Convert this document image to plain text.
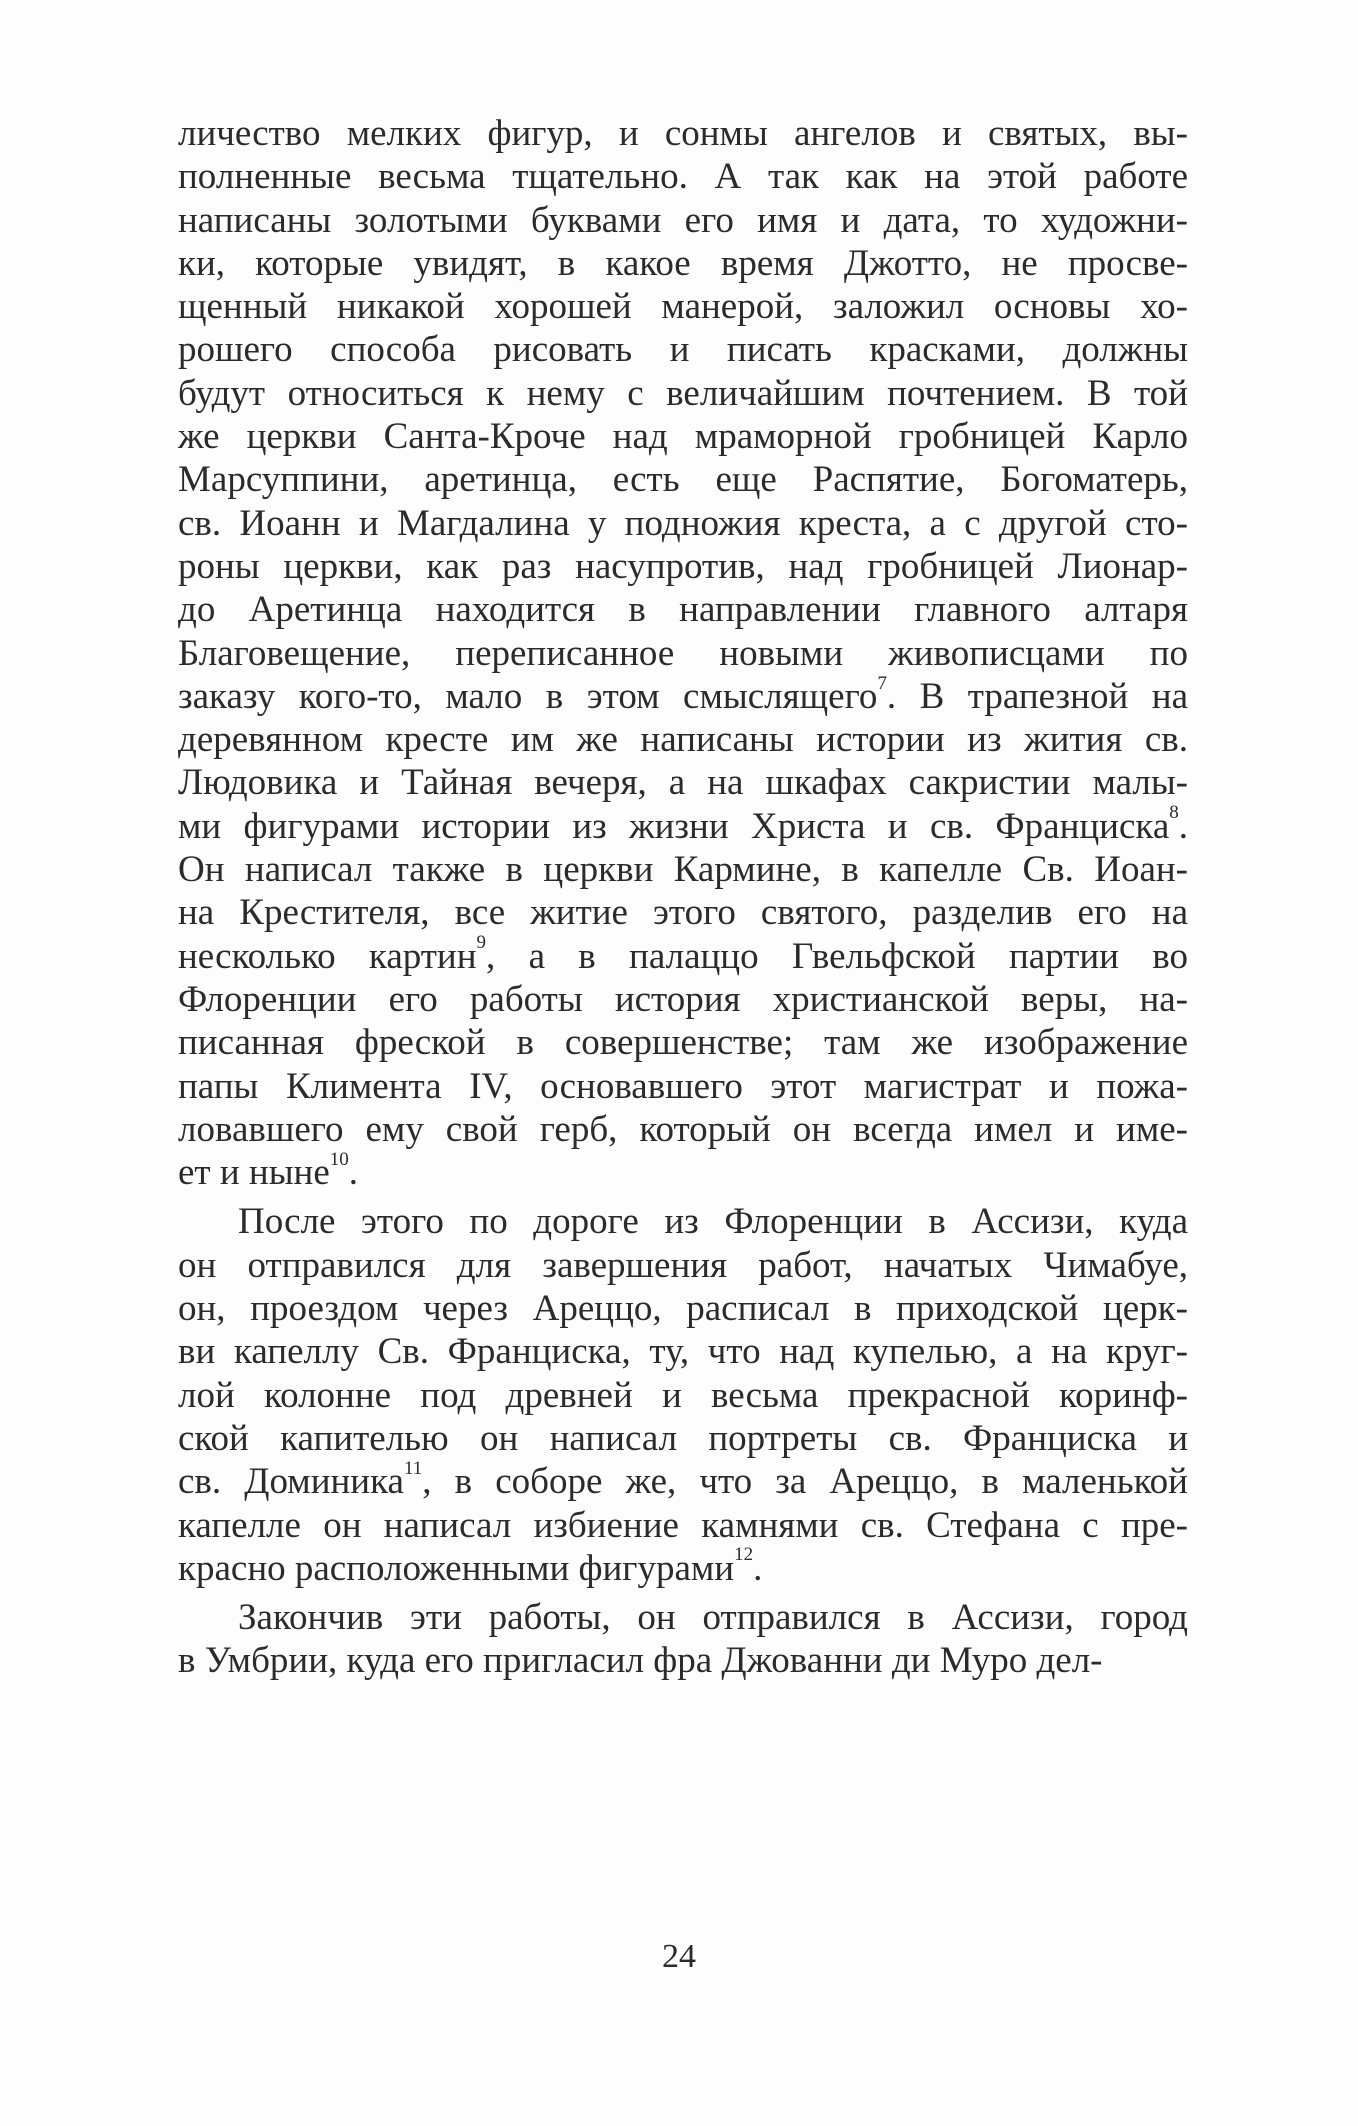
личество мелких фигур, и сонмы ангелов и святых, вы-
полненные весьма тщательно. А так как на этой работе
написаны золотыми буквами его имя и дата, то художни-
ки, которые увидят, в какое время Джотто, не просве-
щенный никакой хорошей манерой, заложил основы хо-
рошего способа рисовать и писать красками, должны
будут относиться к нему с величайшим почтением. В той
же церкви Санта-Кроче над мраморной гробницей Карло
Марсуппини, аретинца, есть еще Распятие, Богоматерь,
св. Иоанн и Магдалина у подножия креста, а с другой сто-
роны церкви, как раз насупротив, над гробницей Лионар-
до Аретинца находится в направлении главного алтаря
Благовещение, переписанное новыми живописцами по
заказу кого-то, мало в этом смыслящего$^7$. В трапезной на
деревянном кресте им же написаны истории из жития св.
Людовика и Тайная вечеря, а на шкафах сакристии малы-
ми фигурами истории из жизни Христа и св. Франциска$^8$.
Он написал также в церкви Кармине, в капелле Св. Иоан-
на Крестителя, все житие этого святого, разделив его на
несколько картин$^9$, а в палаццо Гвельфской партии во
Флоренции его работы история христианской веры, на-
писанная фреской в совершенстве; там же изображение
папы Климента IV, основавшего этот магистрат и пожа-
ловавшего ему свой герб, который он всегда имел и име-
ет и ныне$^{10}$.
После этого по дороге из Флоренции в Ассизи, куда
он отправился для завершения работ, начатых Чимабуе,
он, проездом через Ареццо, расписал в приходской церк-
ви капеллу Св. Франциска, ту, что над купелью, а на круг-
лой колонне под древней и весьма прекрасной коринф-
ской капителью он написал портреты св. Франциска и
св. Доминика$^{11}$, в соборе же, что за Ареццо, в маленькой
капелле он написал избиение камнями св. Стефана с пре-
красно расположенными фигурами$^{12}$.
Закончив эти работы, он отправился в Ассизи, город
в Умбрии, куда его пригласил фра Джованни ди Муро дел-
24
